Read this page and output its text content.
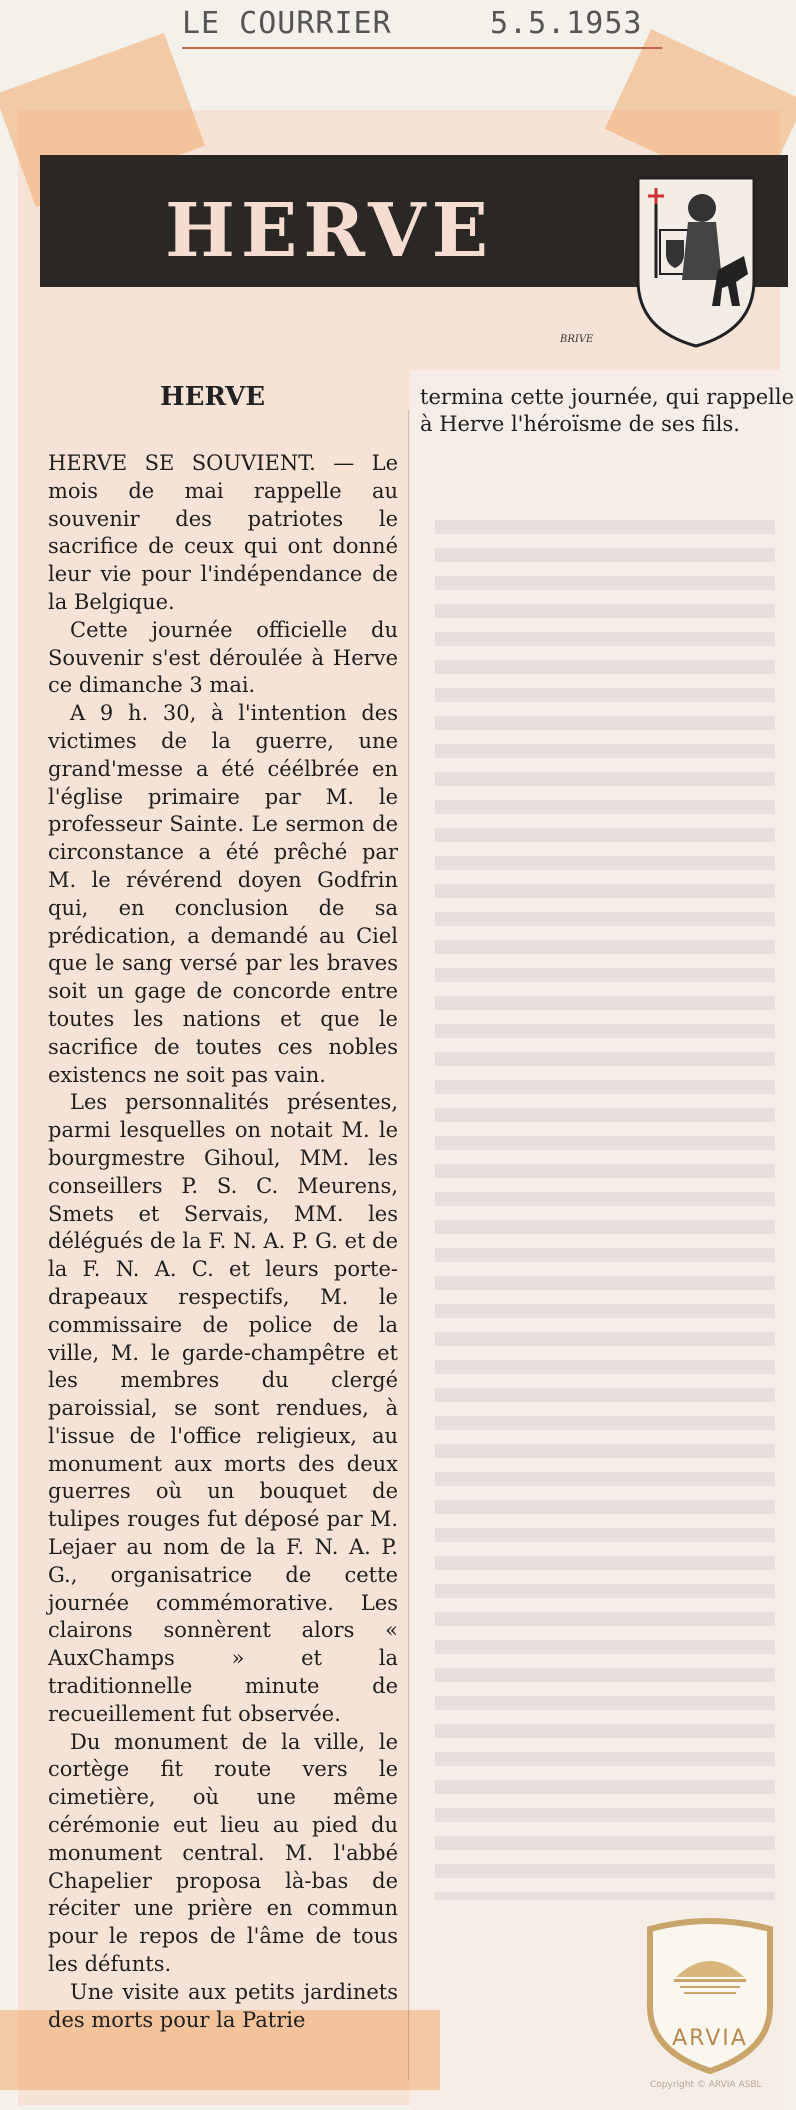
LE COURRIER	5.5.1953
HERVE
BRIVE
HERVE

HERVE SE SOUVIENT. — Le mois de mai rappelle au souvenir des patriotes le sacrifice de ceux qui ont donné leur vie pour l'indépendance de la Belgique.

Cette journée officielle du Souvenir s'est déroulée à Herve ce dimanche 3 mai.

A 9 h. 30, à l'intention des victimes de la guerre, une grand'messe a été céélbrée en l'église primaire par M. le professeur Sainte. Le sermon de circonstance a été prêché par M. le révérend doyen Godfrin qui, en conclusion de sa prédication, a demandé au Ciel que le sang versé par les braves soit un gage de concorde entre toutes les nations et que le sacrifice de toutes ces nobles existencs ne soit pas vain.

Les personnalités présentes, parmi lesquelles on notait M. le bourgmestre Gihoul, MM. les conseillers P. S. C. Meurens, Smets et Servais, MM. les délégués de la F. N. A. P. G. et de la F. N. A. C. et leurs porte-drapeaux respectifs, M. le commissaire de police de la ville, M. le garde-champêtre et les membres du clergé paroissial, se sont rendues, à l'issue de l'office religieux, au monument aux morts des deux guerres où un bouquet de tulipes rouges fut déposé par M. Lejaer au nom de la F. N. A. P. G., organisatrice de cette journée commémorative. Les clairons sonnèrent alors « AuxChamps » et la traditionnelle minute de recueillement fut observée.

Du monument de la ville, le cortège fit route vers le cimetière, où une même cérémonie eut lieu au pied du monument central. M. l'abbé Chapelier proposa là-bas de réciter une prière en commun pour le repos de l'âme de tous les défunts.

Une visite aux petits jardinets des morts pour la Patrie

termina cette journée, qui rappelle à Herve l'héroïsme de ses fils.
ARVIA
Copyright © ARVIA ASBL
